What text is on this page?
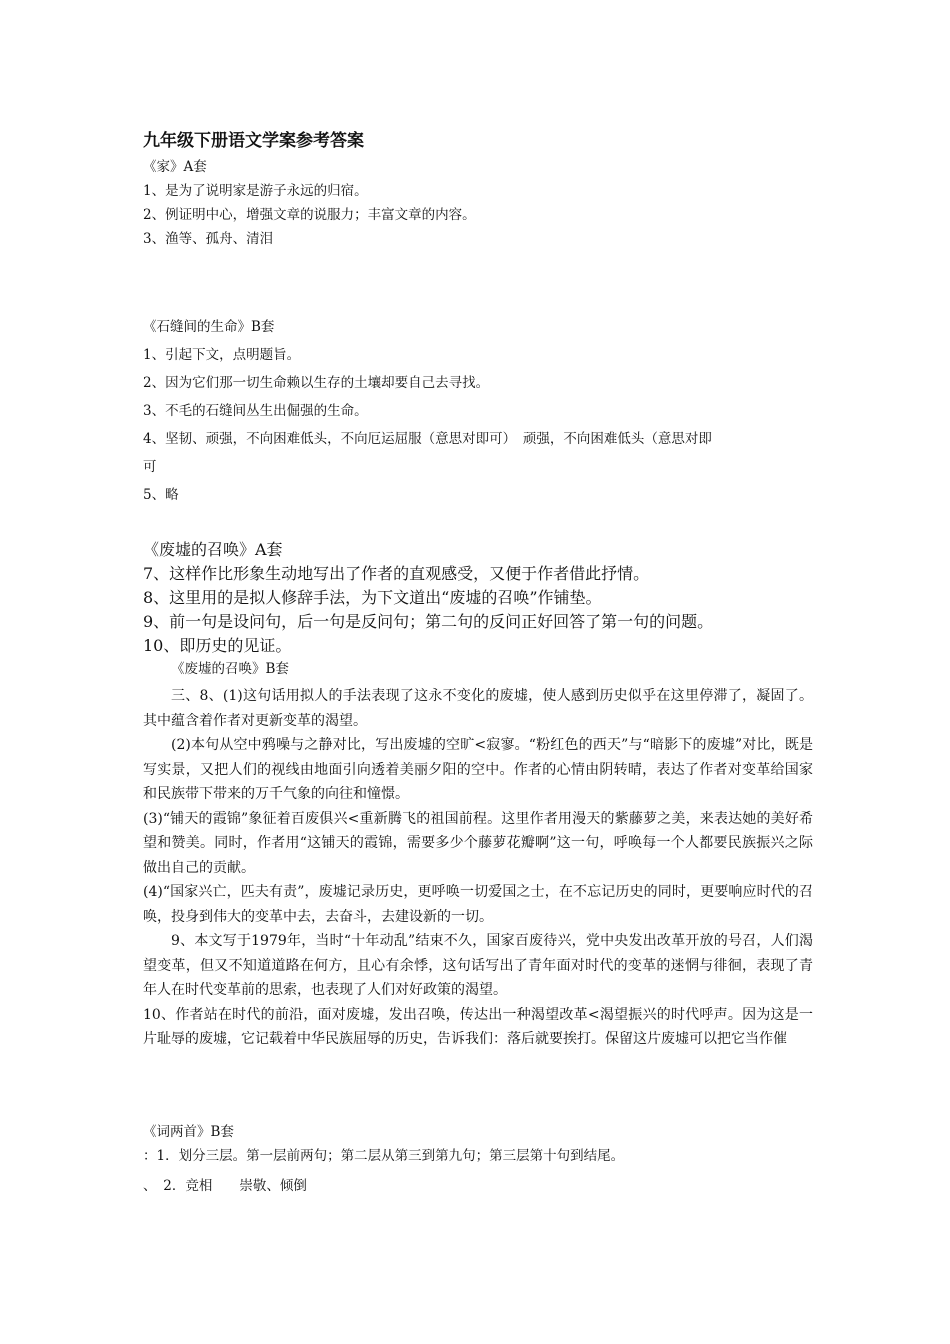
九年级下册语文学案参考答案
《家》A套
1、是为了说明家是游子永远的归宿。
2、例证明中心，增强文章的说服力；丰富文章的内容。
3、渔等、孤舟、清泪
《石缝间的生命》B套
1、引起下文，点明题旨。
2、因为它们那一切生命赖以生存的土壤却要自己去寻找。
3、不毛的石缝间丛生出倔强的生命。
4、坚韧、顽强，不向困难低头，不向厄运屈服（意思对即可）　顽强，不向困难低头（意思对即
可
5、略
《废墟的召唤》A套
7、这样作比形象生动地写出了作者的直观感受，又便于作者借此抒情。
8、这里用的是拟人修辞手法，为下文道出“废墟的召唤”作铺垫。
9、前一句是设问句，后一句是反问句；第二句的反问正好回答了第一句的问题。
10、即历史的见证。
《废墟的召唤》B套
三、8、(1)这句话用拟人的手法表现了这永不变化的废墟，使人感到历史似乎在这里停滞了，凝固了。其中蕴含着作者对更新变革的渴望。
(2)本句从空中鸦噪与之静对比，写出废墟的空旷<寂寥。“粉红色的西天”与“暗影下的废墟”对比，既是写实景，又把人们的视线由地面引向透着美丽夕阳的空中。作者的心情由阴转晴，表达了作者对变革给国家和民族带下带来的万千气象的向往和憧憬。
(3)“铺天的霞锦”象征着百废俱兴<重新腾飞的祖国前程。这里作者用漫天的紫藤萝之美，来表达她的美好希望和赞美。同时，作者用“这铺天的霞锦，需要多少个藤萝花瓣啊”这一句，呼唤每一个人都要民族振兴之际做出自己的贡献。
(4)“国家兴亡，匹夫有责”，废墟记录历史，更呼唤一切爱国之士，在不忘记历史的同时，更要响应时代的召唤，投身到伟大的变革中去，去奋斗，去建设新的一切。
9、本文写于1979年，当时“十年动乱”结束不久，国家百废待兴，党中央发出改革开放的号召，人们渴望变革，但又不知道道路在何方，且心有余悸，这句话写出了青年面对时代的变革的迷惘与徘徊，表现了青年人在时代变革前的思索，也表现了人们对好政策的渴望。
10、作者站在时代的前沿，面对废墟，发出召唤，传达出一种渴望改革<渴望振兴的时代呼声。因为这是一片耻辱的废墟，它记载着中华民族屈辱的历史，告诉我们：落后就要挨打。保留这片废墟可以把它当作催
《词两首》B套
：1．划分三层。第一层前两句；第二层从第三到第九句；第三层第十句到结尾。
、　2．竞相　　崇敬、倾倒
